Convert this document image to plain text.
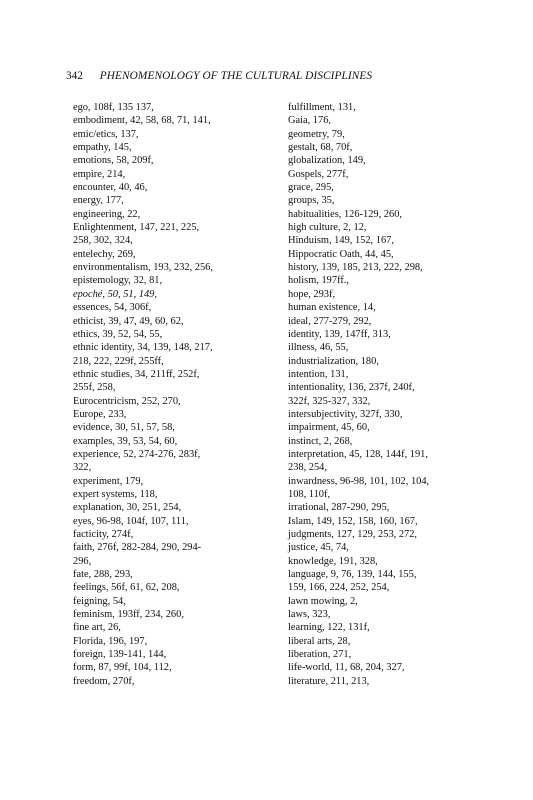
342 PHENOMENOLOGY OF THE CULTURAL DISCIPLINES
ego, 108f, 135 137,
embodiment, 42, 58, 68, 71, 141,
emic/etics, 137,
empathy, 145,
emotions, 58, 209f,
empire, 214,
encounter, 40, 46,
energy, 177,
engineering, 22,
Enlightenment, 147, 221, 225,
258, 302, 324,
entelechy, 269,
environmentalism, 193, 232, 256,
epistemology, 32, 81,
epoché, 50, 51, 149,
essences, 54, 306f,
ethicist, 39, 47, 49, 60, 62,
ethics, 39, 52, 54, 55,
ethnic identity, 34, 139, 148, 217,
218, 222, 229f, 255ff,
ethnic studies, 34, 211ff, 252f,
255f, 258,
Eurocentricism, 252, 270,
Europe, 233,
evidence, 30, 51, 57, 58,
examples, 39, 53, 54, 60,
experience, 52, 274-276, 283f,
322,
experiment, 179,
expert systems, 118,
explanation, 30, 251, 254,
eyes, 96-98, 104f, 107, 111,
facticity, 274f,
faith, 276f, 282-284, 290, 294-
296,
fate, 288, 293,
feelings, 56f, 61, 62, 208,
feigning, 54,
feminism, 193ff, 234, 260,
fine art, 26,
Florida, 196, 197,
foreign, 139-141, 144,
form, 87, 99f, 104, 112,
freedom, 270f,
fulfillment, 131,
Gaia, 176,
geometry, 79,
gestalt, 68, 70f,
globalization, 149,
Gospels, 277f,
grace, 295,
groups, 35,
habitualities, 126-129, 260,
high culture, 2, 12,
Hinduism, 149, 152, 167,
Hippocratic Oath, 44, 45,
history, 139, 185, 213, 222, 298,
holism, 197ff.,
hope, 293f,
human existence, 14,
ideal, 277-279, 292,
identity, 139, 147ff, 313,
illness, 46, 55,
industrialization, 180,
intention, 131,
intentionality, 136, 237f, 240f,
322f, 325-327, 332,
intersubjectivity, 327f, 330,
impairment, 45, 60,
instinct, 2, 268,
interpretation, 45, 128, 144f, 191,
238, 254,
inwardness, 96-98, 101, 102, 104,
108, 110f,
irrational, 287-290, 295,
Islam, 149, 152, 158, 160, 167,
judgments, 127, 129, 253, 272,
justice, 45, 74,
knowledge, 191, 328,
language, 9, 76, 139, 144, 155,
159, 166, 224, 252, 254,
lawn mowing, 2,
laws, 323,
learning, 122, 131f,
liberal arts, 28,
liberation, 271,
life-world, 11, 68, 204, 327,
literature, 211, 213,
